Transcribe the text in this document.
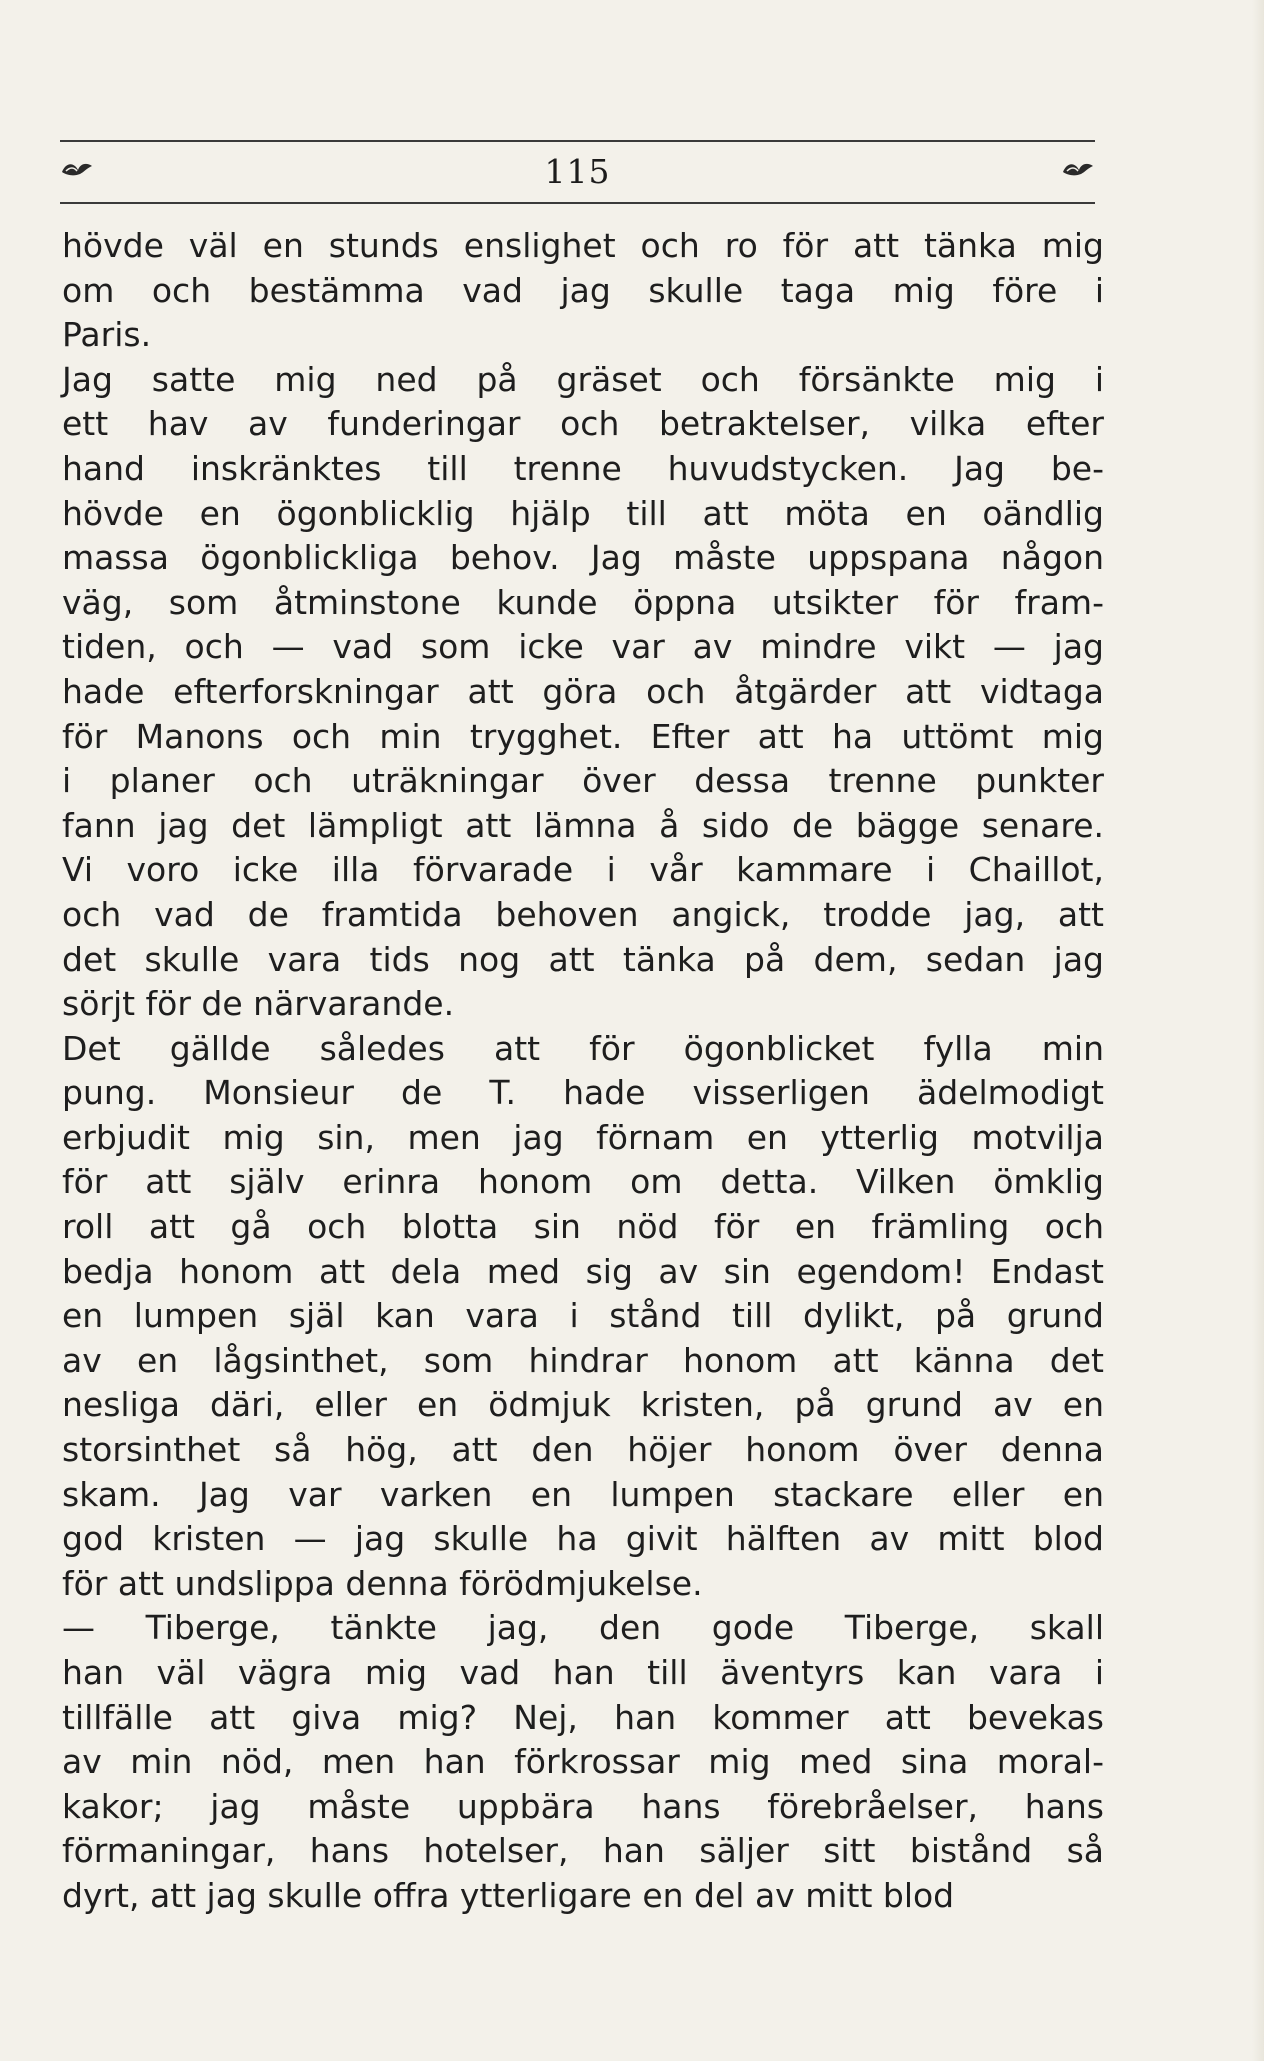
115
hövde väl en stunds enslighet och ro för att tänka mig
om och bestämma vad jag skulle taga mig före i
Paris.
Jag satte mig ned på gräset och försänkte mig i
ett hav av funderingar och betraktelser, vilka efter
hand inskränktes till trenne huvudstycken. Jag be-
hövde en ögonblicklig hjälp till att möta en oändlig
massa ögonblickliga behov. Jag måste uppspana någon
väg, som åtminstone kunde öppna utsikter för fram-
tiden, och — vad som icke var av mindre vikt — jag
hade efterforskningar att göra och åtgärder att vidtaga
för Manons och min trygghet. Efter att ha uttömt mig
i planer och uträkningar över dessa trenne punkter
fann jag det lämpligt att lämna å sido de bägge senare.
Vi voro icke illa förvarade i vår kammare i Chaillot,
och vad de framtida behoven angick, trodde jag, att
det skulle vara tids nog att tänka på dem, sedan jag
sörjt för de närvarande.
Det gällde således att för ögonblicket fylla min
pung. Monsieur de T. hade visserligen ädelmodigt
erbjudit mig sin, men jag förnam en ytterlig motvilja
för att själv erinra honom om detta. Vilken ömklig
roll att gå och blotta sin nöd för en främling och
bedja honom att dela med sig av sin egendom! Endast
en lumpen själ kan vara i stånd till dylikt, på grund
av en lågsinthet, som hindrar honom att känna det
nesliga däri, eller en ödmjuk kristen, på grund av en
storsinthet så hög, att den höjer honom över denna
skam. Jag var varken en lumpen stackare eller en
god kristen — jag skulle ha givit hälften av mitt blod
för att undslippa denna förödmjukelse.
— Tiberge, tänkte jag, den gode Tiberge, skall
han väl vägra mig vad han till äventyrs kan vara i
tillfälle att giva mig? Nej, han kommer att bevekas
av min nöd, men han förkrossar mig med sina moral-
kakor; jag måste uppbära hans förebråelser, hans
förmaningar, hans hotelser, han säljer sitt bistånd så
dyrt, att jag skulle offra ytterligare en del av mitt blod
